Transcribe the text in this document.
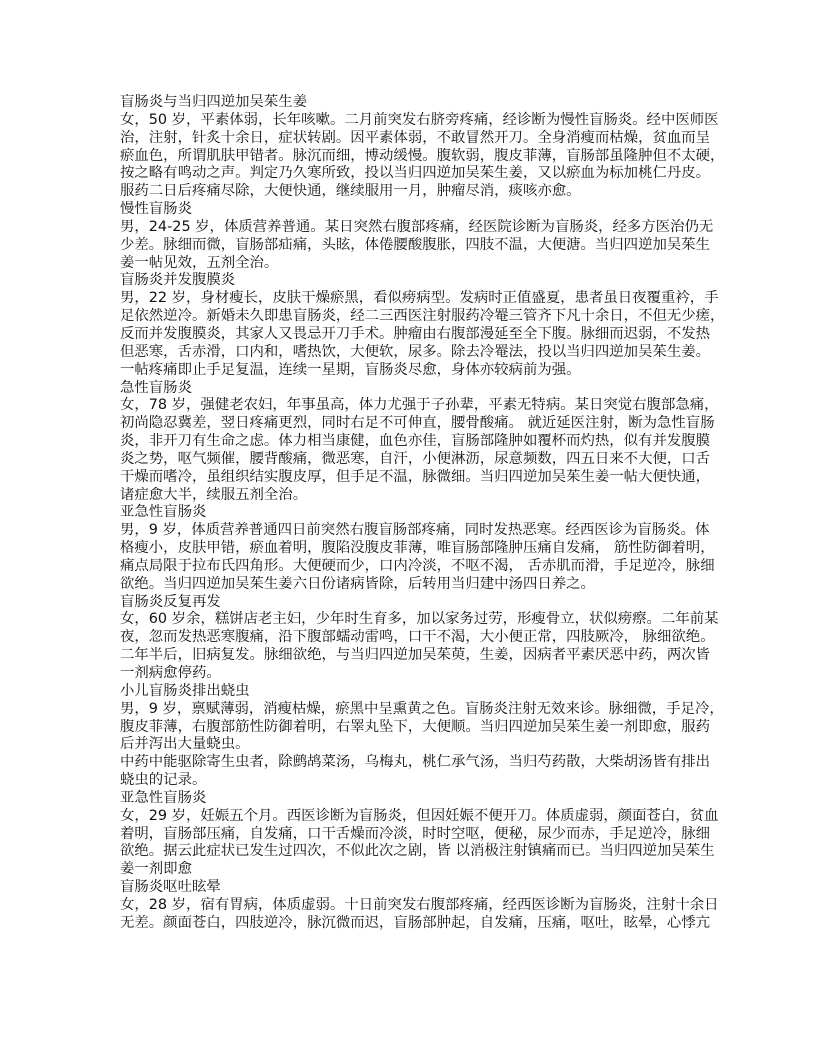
盲肠炎与当归四逆加吴茱生姜
女，50 岁，平素体弱，长年咳嗽。二月前突发右脐旁疼痛，经诊断为慢性盲肠炎。经中医师医
治，注射，针炙十余日，症状转剧。因平素体弱，不敢冒然开刀。全身消瘦而枯燥，贫血而呈
瘀血色，所谓肌肤甲错者。脉沉而细，博动缓慢。腹软弱，腹皮菲薄，盲肠部虽隆肿但不太硬，
按之略有鸣动之声。判定乃久寒所致，投以当归四逆加吴茱生姜，又以瘀血为标加桃仁丹皮。
服药二日后疼痛尽除，大便快通，继续服用一月，肿瘤尽消，痰咳亦愈。
慢性盲肠炎
男，24-25 岁，体质营养普通。某日突然右腹部疼痛，经医院诊断为盲肠炎，经多方医治仍无
少差。脉细而微，盲肠部疝痛，头眩，体倦腰酸腹胀，四肢不温，大便溏。当归四逆加吴茱生
姜一帖见效，五剂全治。
盲肠炎并发腹膜炎
男，22 岁，身材瘦长，皮肤干燥瘀黑，看似痨病型。发病时正值盛夏，患者虽日夜覆重衿，手
足依然逆冷。新婚未久即患盲肠炎，经二三西医注射服药冷罨三管齐下凡十余日，不但无少瘥，
反而并发腹膜炎，其家人又畏忌开刀手术。肿瘤由右腹部漫延至全下腹。脉细而迟弱，不发热
但恶寒，舌赤滑，口内和，嗜热饮，大便软，尿多。除去冷罨法，投以当归四逆加吴茱生姜。
一帖疼痛即止手足复温，连续一星期，盲肠炎尽愈，身体亦较病前为强。
急性盲肠炎
女，78 岁，强健老农妇，年事虽高，体力尤强于子孙辈，平素无特病。某日突觉右腹部急痛，
初尚隐忍冀差，翌日疼痛更烈，同时右足不可伸直，腰骨酸痛。 就近延医注射，断为急性盲肠
炎，非开刀有生命之虑。体力相当康健，血色亦佳，盲肠部隆肿如覆杯而灼热，似有并发腹膜
炎之势，呕气频催，腰背酸痛，微恶寒，自汗，小便淋沥，尿意频数，四五日来不大便，口舌
干燥而嗜冷，虽组织结实腹皮厚，但手足不温，脉微细。当归四逆加吴茱生姜一帖大便快通，
诸症愈大半，续服五剂全治。
亚急性盲肠炎
男，9 岁，体质营养普通四日前突然右腹盲肠部疼痛，同时发热恶寒。经西医诊为盲肠炎。体
格瘦小，皮肤甲错，瘀血着明，腹陷没腹皮菲薄，唯盲肠部隆肿压痛自发痛， 筋性防御着明，
痛点局限于拉布氏四角形。大便硬而少，口内冷淡，不呕不渴， 舌赤肌而滑，手足逆冷，脉细
欲绝。当归四逆加吴茱生姜六日份诸病皆除，后转用当归建中汤四日养之。
盲肠炎反复再发
女，60 岁余，糕饼店老主妇，少年时生育多，加以家务过劳，形瘦骨立，状似痨瘵。二年前某
夜，忽而发热恶寒腹痛，沿下腹部蠕动雷鸣，口干不渴，大小便正常，四肢厥冷， 脉细欲绝。
二年半后，旧病复发。脉细欲绝，与当归四逆加吴茱萸，生姜，因病者平素厌恶中药，两次皆
一剂病愈停药。
小儿盲肠炎排出蛲虫
男，9 岁，禀赋薄弱，消瘦枯燥，瘀黑中呈熏黄之色。盲肠炎注射无效来诊。脉细微，手足冷，
腹皮菲薄，右腹部筋性防御着明，右睪丸坠下，大便顺。当归四逆加吴茱生姜一剂即愈，服药
后并泻出大量蛲虫。
中药中能驱除寄生虫者，除鹧鸪菜汤，乌梅丸，桃仁承气汤，当归芍药散，大柴胡汤皆有排出
蛲虫的记录。
亚急性盲肠炎
女，29 岁，妊娠五个月。西医诊断为盲肠炎，但因妊娠不便开刀。体质虚弱，颜面苍白，贫血
着明，盲肠部压痛，自发痛，口干舌燥而冷淡，时时空呕，便秘，尿少而赤，手足逆冷，脉细
欲绝。据云此症状已发生过四次，不似此次之剧，皆 以消极注射镇痛而已。当归四逆加吴茱生
姜一剂即愈
盲肠炎呕吐眩晕
女，28 岁，宿有胃病，体质虚弱。十日前突发右腹部疼痛，经西医诊断为盲肠炎，注射十余日
无差。颜面苍白，四肢逆冷，脉沉微而迟，盲肠部肿起，自发痛，压痛，呕吐，眩晕，心悸亢
